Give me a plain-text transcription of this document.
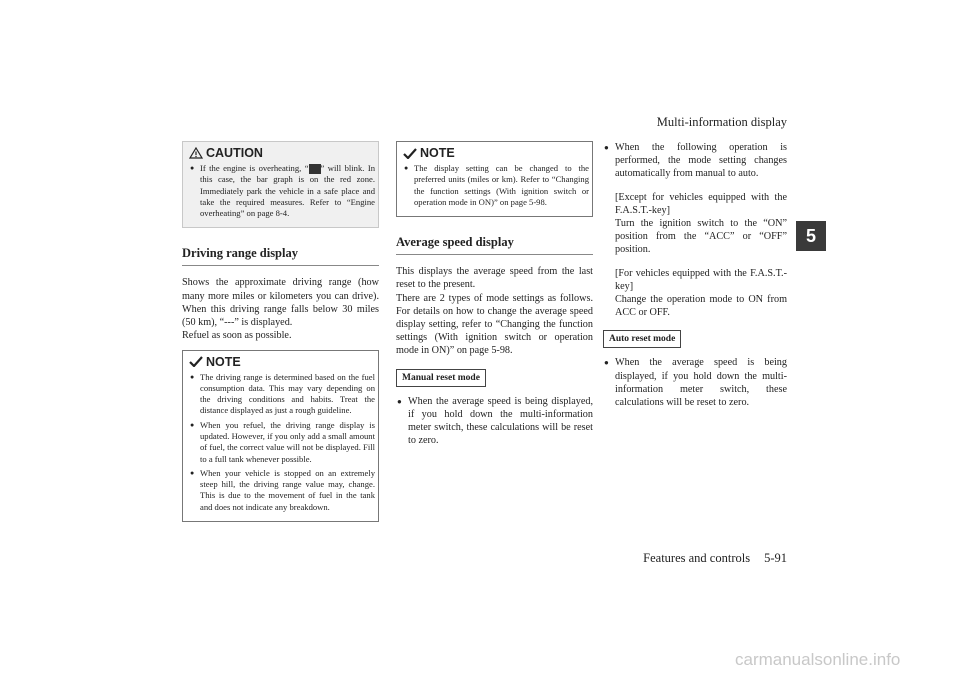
Multi-information display
5
CAUTION
● If the engine is overheating, “ ” will blink. In this case, the bar graph is on the red zone. Immediately park the vehicle in a safe place and take the required measures. Refer to “Engine overheating” on page 8-4.
Driving range display

Shows the approximate driving range (how many more miles or kilometers you can drive). When this driving range falls below 30 miles (50 km), “---” is displayed.

Refuel as soon as possible.

NOTE
● The driving range is determined based on the fuel consumption data. This may vary depending on the driving conditions and habits. Treat the distance displayed as just a rough guideline.
● When you refuel, the driving range display is updated. However, if you only add a small amount of fuel, the correct value will not be displayed. Fill to a full tank whenever possible.
● When your vehicle is stopped on an extremely steep hill, the driving range value may, change. This is due to the movement of fuel in the tank and does not indicate any breakdown.
NOTE
● The display setting can be changed to the preferred units (miles or km). Refer to “Changing the function settings (With ignition switch or operation mode in ON)” on page 5-98.
Average speed display

This displays the average speed from the last reset to the present.

There are 2 types of mode settings as follows. For details on how to change the average speed display setting, refer to “Changing the function settings (With ignition switch or operation mode in ON)” on page 5-98.

Manual reset mode
● When the average speed is being displayed, if you hold down the multi-information meter switch, these calculations will be reset to zero.
● When the following operation is performed, the mode setting changes automatically from manual to auto.

[Except for vehicles equipped with the F.A.S.T.-key]

Turn the ignition switch to the “ON” position from the “ACC” or “OFF” position.

[For vehicles equipped with the F.A.S.T.-key]

Change the operation mode to ON from ACC or OFF.

Auto reset mode
● When the average speed is being displayed, if you hold down the multi-information meter switch, these calculations will be reset to zero.
Features and controls 5-91
carmanualsonline.info
